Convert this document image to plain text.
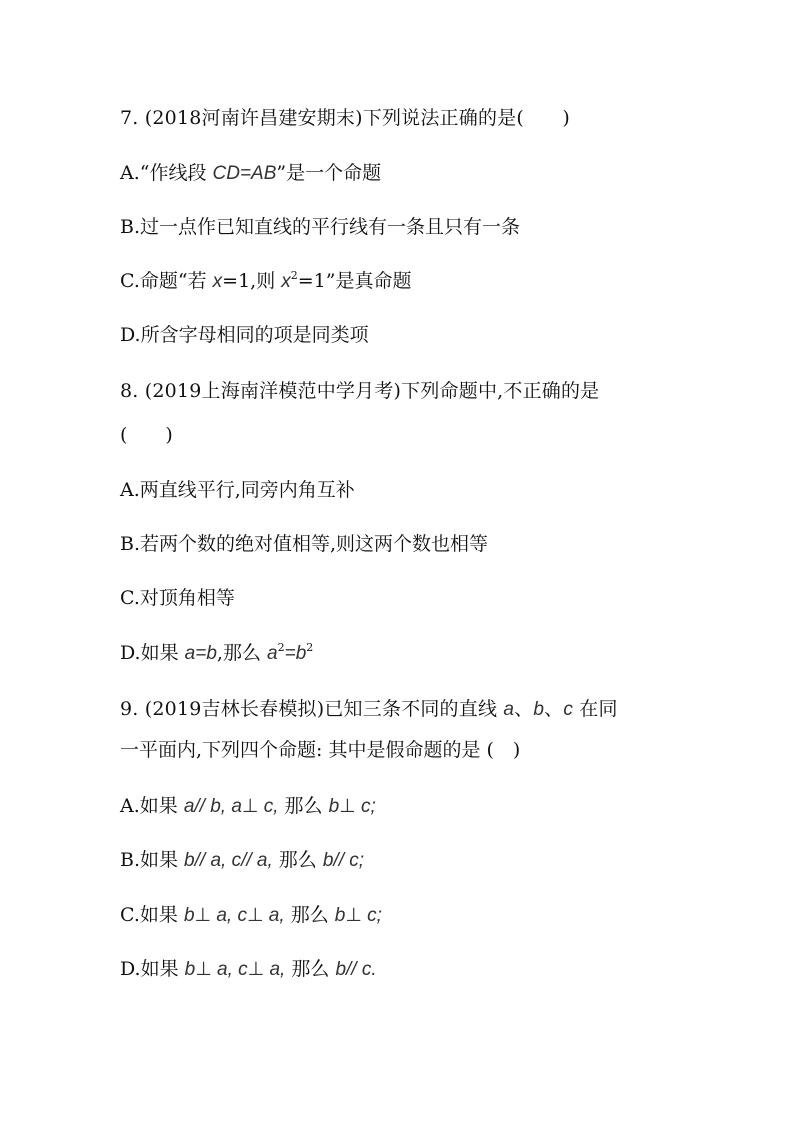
7. (2018河南许昌建安期末)下列说法正确的是(　　)
A.“作线段 CD=AB”是一个命题
B.过一点作已知直线的平行线有一条且只有一条
C.命题“若 x=1,则 $x^2=1$”是真命题
D.所含字母相同的项是同类项
8. (2019上海南洋模范中学月考)下列命题中,不正确的是
(　　)
A.两直线平行,同旁内角互补
B.若两个数的绝对值相等,则这两个数也相等
C.对顶角相等
D.如果 a=b,那么 $a^2=b^2$
9. (2019吉林长春模拟)已知三条不同的直线 a、b、c 在同
一平面内,下列四个命题: 其中是假命题的是 (　)
A.如果 a// b, a⊥ c, 那么 b⊥ c;
B.如果 b// a, c// a, 那么 b// c;
C.如果 b⊥ a, c⊥ a, 那么 b⊥ c;
D.如果 b⊥ a, c⊥ a, 那么 b// c.
